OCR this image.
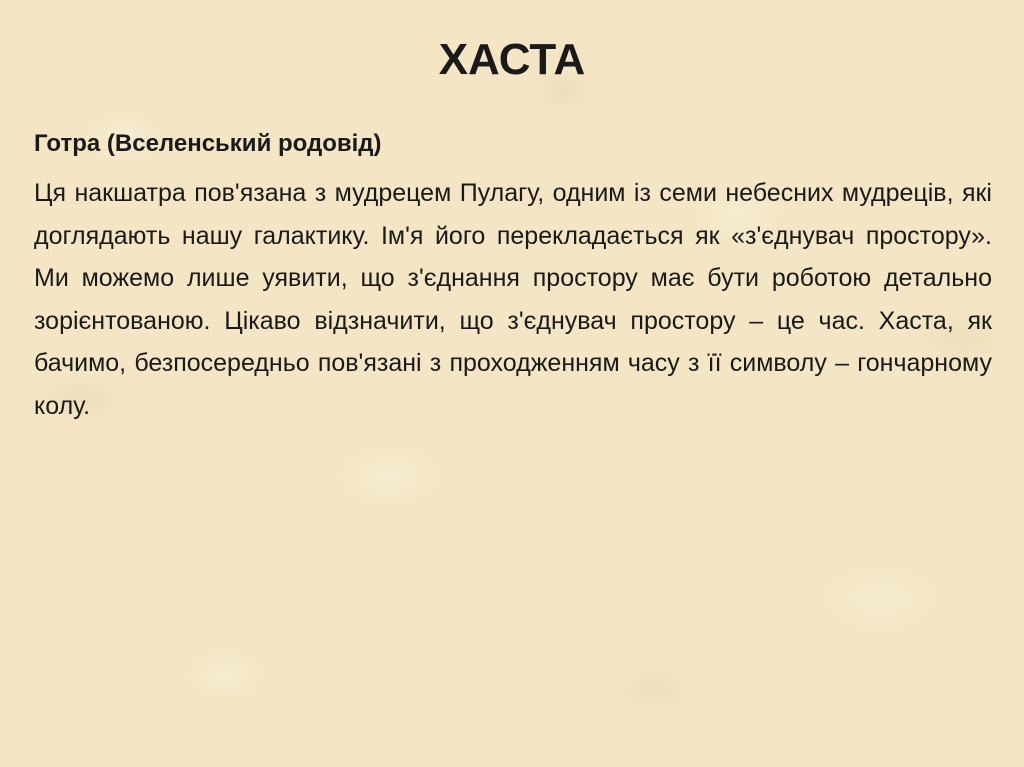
ХАСТА

Готра (Вселенський родовід)

Ця накшатра пов'язана з мудрецем Пулагу, одним із семи небесних мудреців, які доглядають нашу галактику. Ім'я його перекладається як «з'єднувач простору». Ми можемо лише уявити, що з'єднання простору має бути роботою детально зорієнтованою. Цікаво відзначити, що з'єднувач простору – це час. Хаста, як бачимо, безпосередньо пов'язані з проходженням часу з її символу – гончарному колу.
